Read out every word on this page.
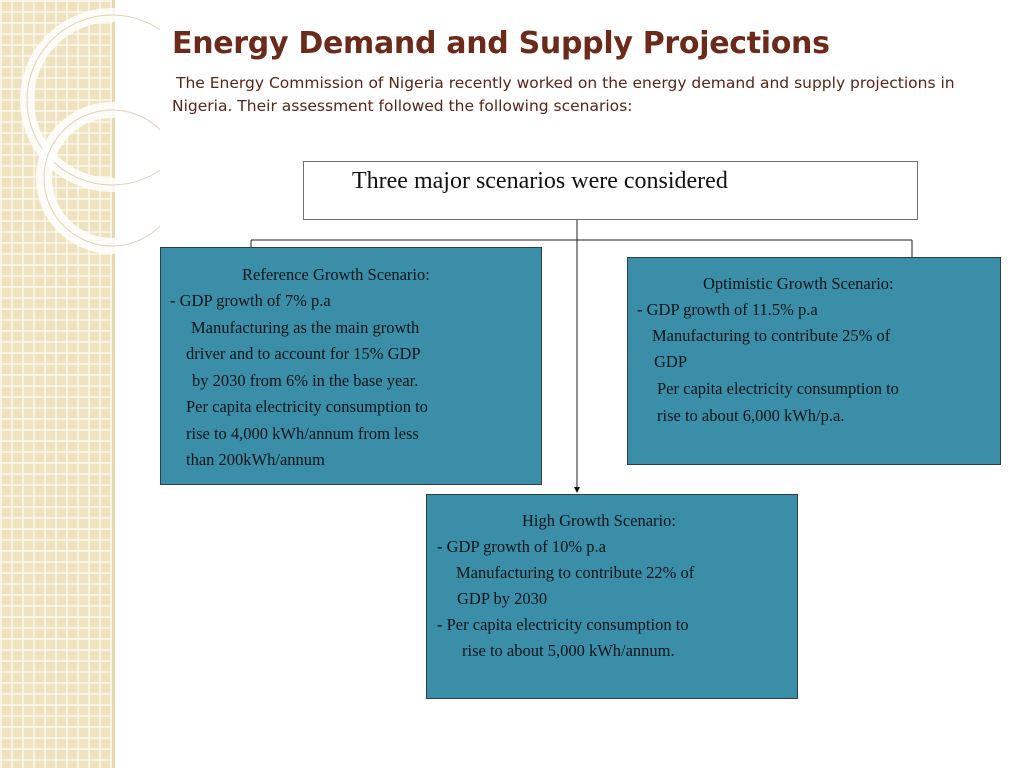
Energy Demand and Supply Projections
The Energy Commission of Nigeria recently worked on the energy demand and supply projections in Nigeria. Their assessment followed the following scenarios:
Three major scenarios were considered
Reference Growth Scenario:
- GDP growth of 7% p.a
Manufacturing as the main growth
driver and to account for 15% GDP
by 2030 from 6% in the base year.
Per capita electricity consumption to
rise to 4,000 kWh/annum from less
than 200kWh/annum
Optimistic Growth Scenario:
- GDP growth of 11.5% p.a
Manufacturing to contribute 25% of
GDP
Per capita electricity consumption to
rise to about 6,000 kWh/p.a.
High Growth Scenario:
- GDP growth of 10% p.a
Manufacturing to contribute 22% of
GDP by 2030
- Per capita electricity consumption to
rise to about 5,000 kWh/annum.
